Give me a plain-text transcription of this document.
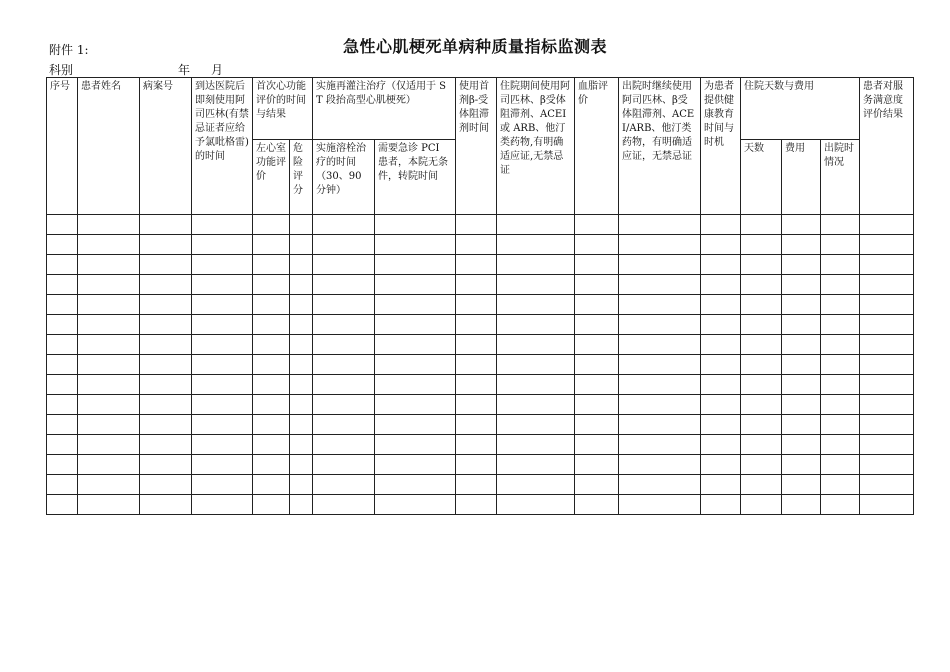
附件 1:	急性心肌梗死单病种质量指标监测表
科别	年 月
序号	患者姓名	病案号	到达医院后即刻使用阿司匹林(有禁忌证者应给予氯吡格雷)的时间	首次心功能评价的时间与结果		实施再灌注治疗（仅适用于 ST 段抬高型心肌梗死）		使用首剂β-受体阻滞剂时间	住院期间使用阿司匹林、β受体阻滞剂、ACEI 或 ARB、他汀类药物,有明确适应证,无禁忌证	血脂评价	出院时继续使用阿司匹林、β受体阻滞剂、ACEI/ARB、他汀类药物，有明确适应证，无禁忌证	为患者提供健康教育时间与时机	住院天数与费用			患者对服务满意度评价结果
				左心室功能评价	危险评分	实施溶栓治疗的时间（30、90 分钟）	需要急诊 PCI 患者，本院无条件，转院时间						天数	费用	出院时情况	
